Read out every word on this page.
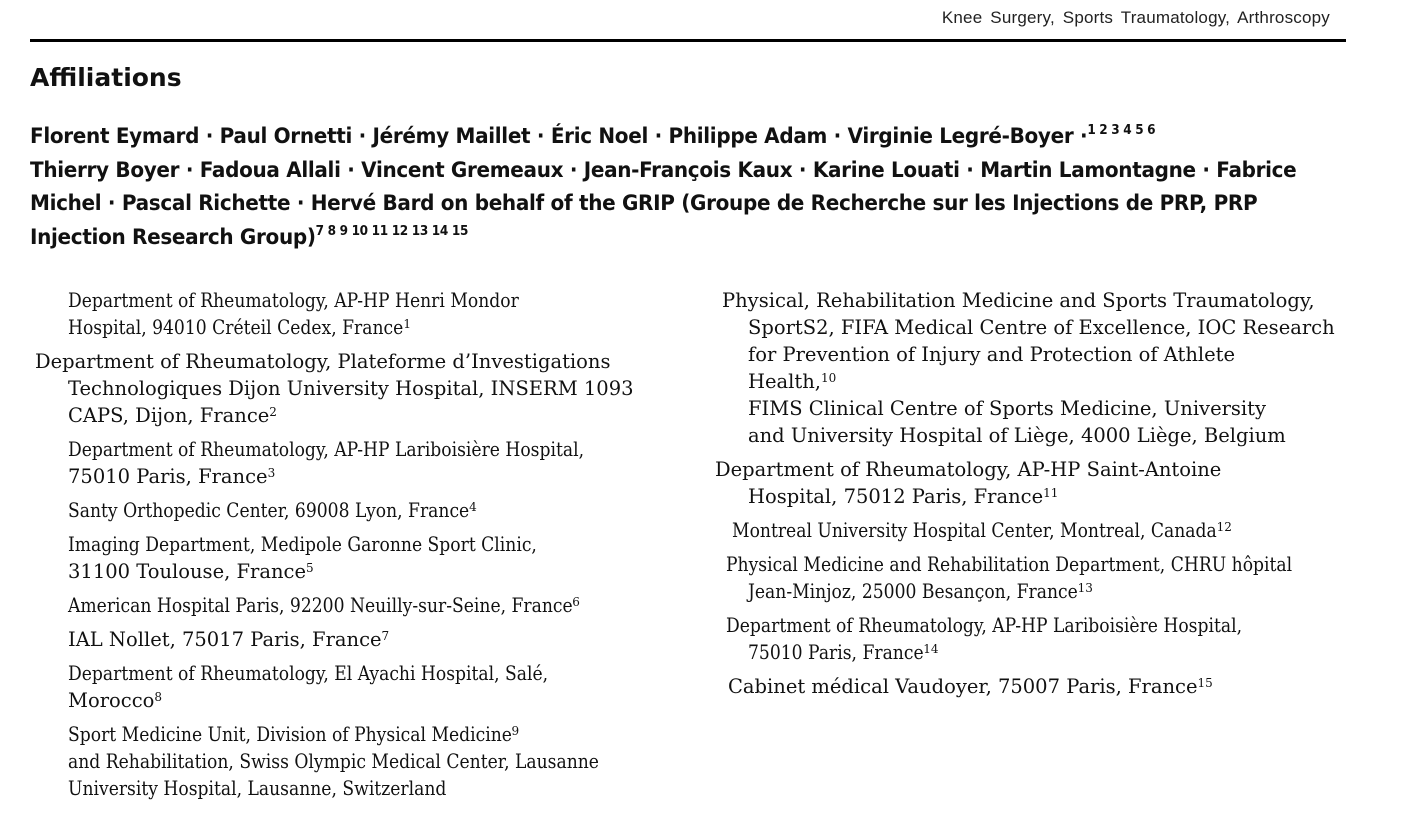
Knee Surgery, Sports Traumatology, Arthroscopy
Affiliations
Florent Eymard · Paul Ornetti · Jérémy Maillet · Éric Noel · Philippe Adam · Virginie Legré-Boyer ·$^{1 2 3 4 5 6}$
Thierry Boyer · Fadoua Allali · Vincent Gremeaux · Jean-François Kaux · Karine Louati · Martin Lamontagne · Fabrice Michel · Pascal Richette · Hervé Bard on behalf of the GRIP (Groupe de Recherche sur les Injections de PRP, PRP Injection Research Group)$^{7 8 9 10 11 12 13 14 15}$
Department of Rheumatology, AP-HP Henri Mondor
Hospital, 94010 Créteil Cedex, France$^1$
Department of Rheumatology, Plateforme d’Investigations
Technologiques Dijon University Hospital, INSERM 1093
CAPS, Dijon, France$^2$
Department of Rheumatology, AP-HP Lariboisière Hospital,
75010 Paris, France$^3$
Santy Orthopedic Center, 69008 Lyon, France$^4$
Imaging Department, Medipole Garonne Sport Clinic,
31100 Toulouse, France$^5$
American Hospital Paris, 92200 Neuilly-sur-Seine, France$^6$
IAL Nollet, 75017 Paris, France$^7$
Department of Rheumatology, El Ayachi Hospital, Salé,
Morocco$^8$
Sport Medicine Unit, Division of Physical Medicine$^9$
and Rehabilitation, Swiss Olympic Medical Center, Lausanne
University Hospital, Lausanne, Switzerland
Physical, Rehabilitation Medicine and Sports Traumatology,
SportS2, FIFA Medical Centre of Excellence, IOC Research
for Prevention of Injury and Protection of Athlete
Health,$^{10}$
FIMS Clinical Centre of Sports Medicine, University
and University Hospital of Liège, 4000 Liège, Belgium
Department of Rheumatology, AP-HP Saint-Antoine
Hospital, 75012 Paris, France$^{11}$
Montreal University Hospital Center, Montreal, Canada$^{12}$
Physical Medicine and Rehabilitation Department, CHRU hôpital
Jean-Minjoz, 25000 Besançon, France$^{13}$
Department of Rheumatology, AP-HP Lariboisière Hospital,
75010 Paris, France$^{14}$
Cabinet médical Vaudoyer, 75007 Paris, France$^{15}$
